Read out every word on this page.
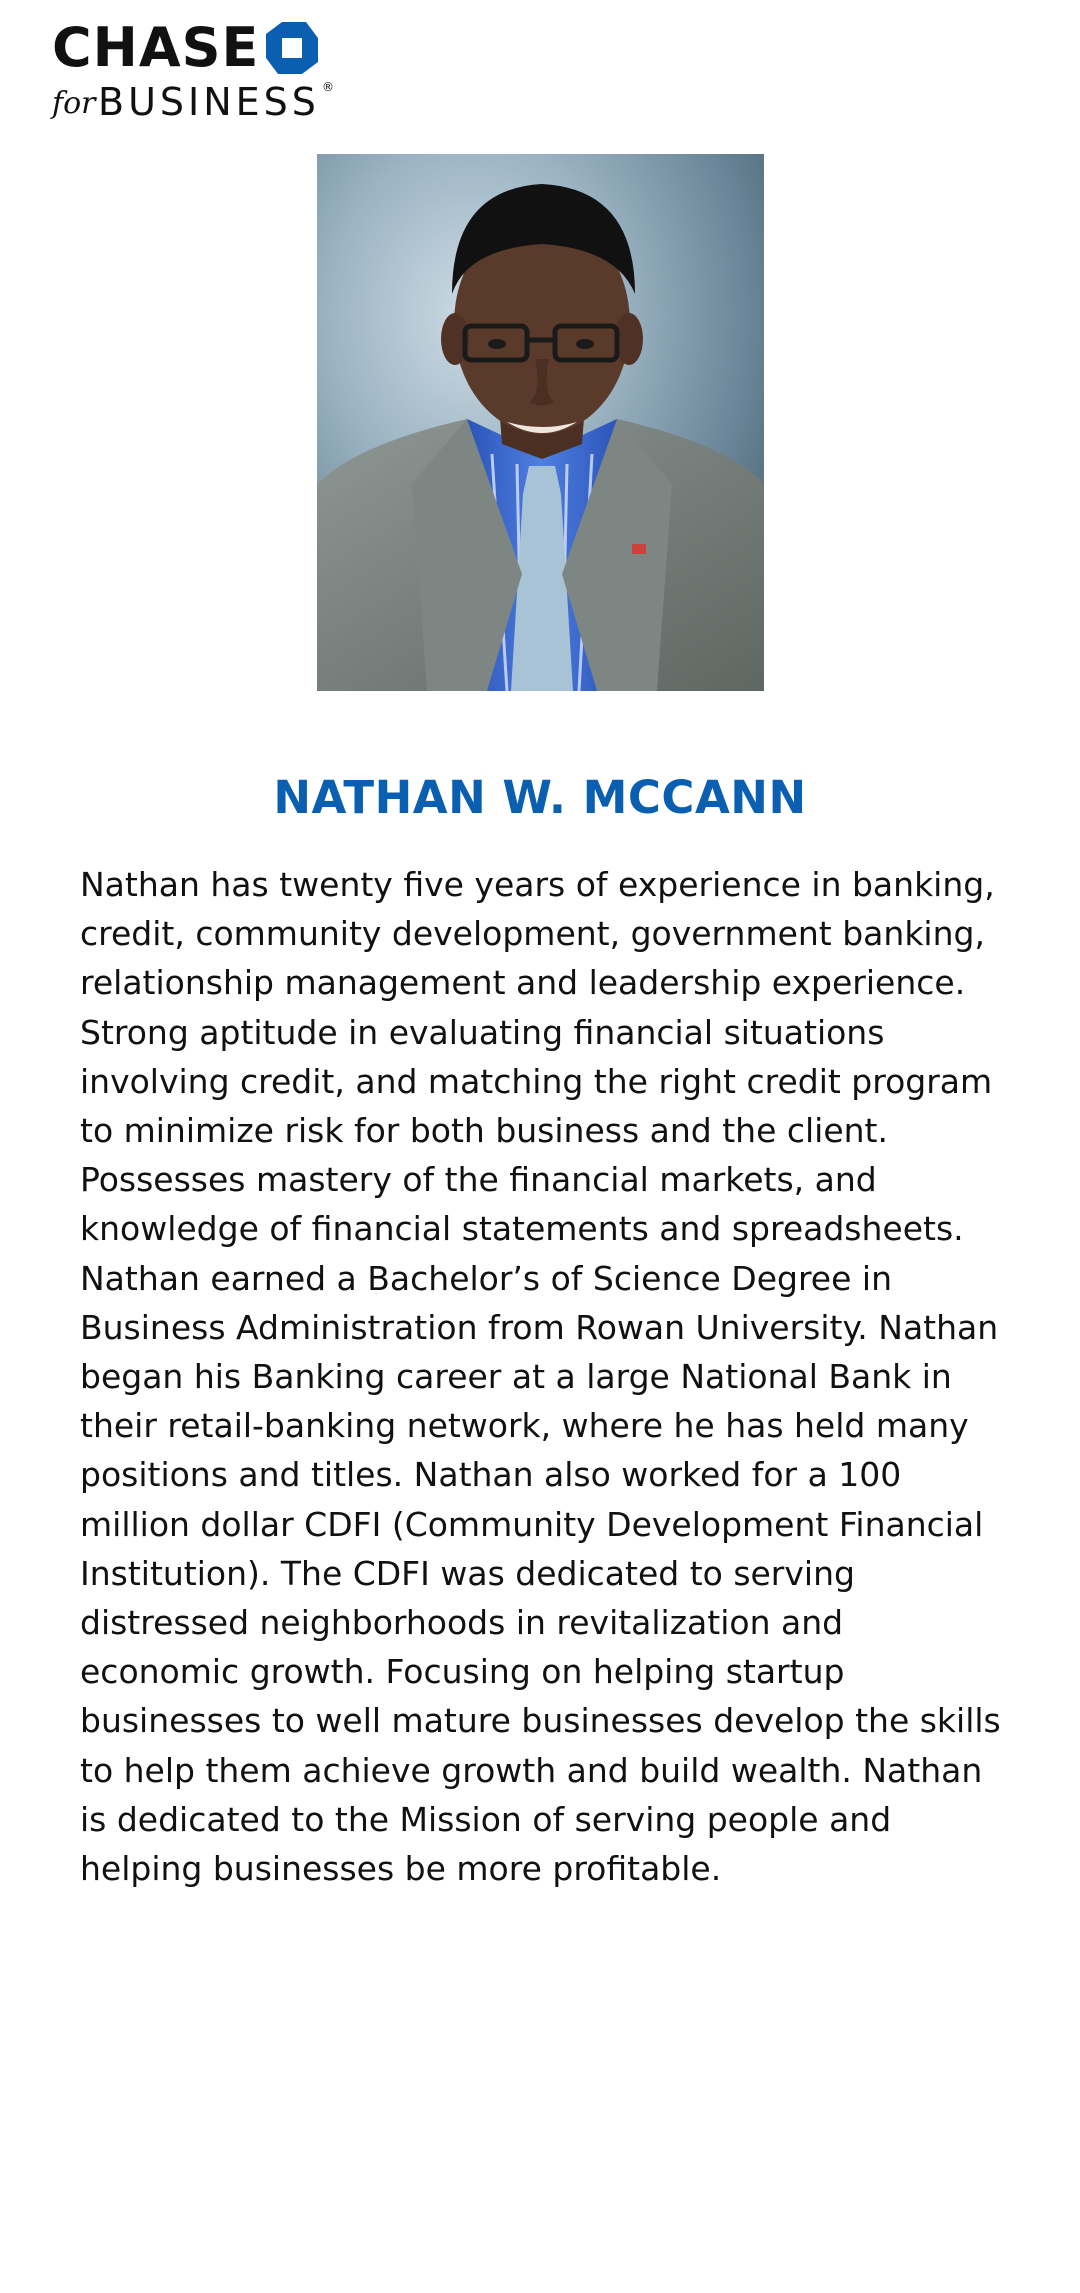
CHASE
for BUSINESS ®
NATHAN W. MCCANN

Nathan has twenty five years of experience in banking, credit, community development, government banking, relationship management and leadership experience. Strong aptitude in evaluating financial situations involving credit, and matching the right credit program to minimize risk for both business and the client. Possesses mastery of the financial markets, and knowledge of financial statements and spreadsheets. Nathan earned a Bachelor’s of Science Degree in Business Administration from Rowan University. Nathan began his Banking career at a large National Bank in their retail-banking network, where he has held many positions and titles. Nathan also worked for a 100 million dollar CDFI (Community Development Financial Institution). The CDFI was dedicated to serving distressed neighborhoods in revitalization and economic growth. Focusing on helping startup businesses to well mature businesses develop the skills to help them achieve growth and build wealth. Nathan is dedicated to the Mission of serving people and helping businesses be more profitable.
